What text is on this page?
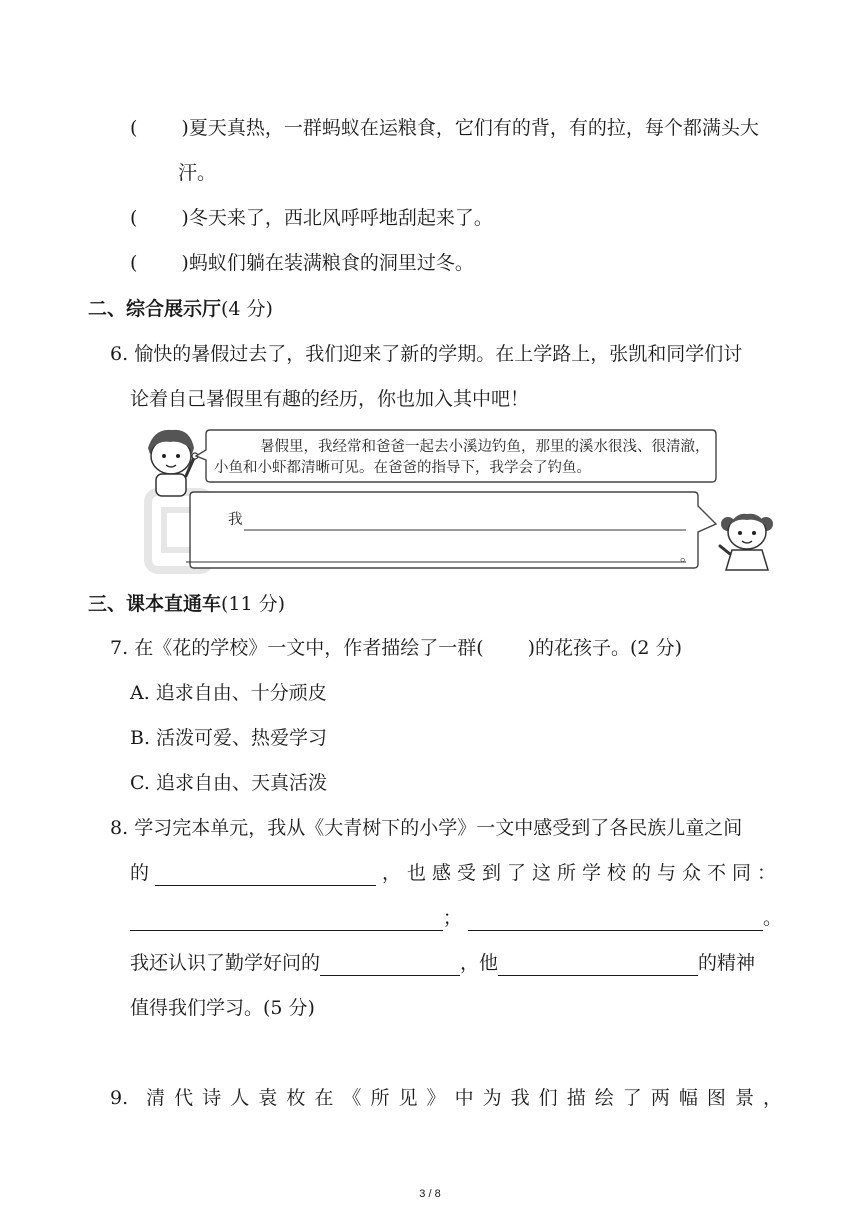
( )夏天真热，一群蚂蚁在运粮食，它们有的背，有的拉，每个都满头大
汗。
( )冬天来了，西北风呼呼地刮起来了。
( )蚂蚁们躺在装满粮食的洞里过冬。
二、综合展示厅(4 分)
6. 愉快的暑假过去了，我们迎来了新的学期。在上学路上，张凯和同学们讨
论着自己暑假里有趣的经历，你也加入其中吧！
暑假里，我经常和爸爸一起去小溪边钓鱼，那里的溪水很浅、很清澈，
小鱼和小虾都清晰可见。在爸爸的指导下，我学会了钓鱼。
我
。
三、课本直通车(11 分)
7. 在《花的学校》一文中，作者描绘了一群( )的花孩子。(2 分)
A. 追求自由、十分顽皮
B. 活泼可爱、热爱学习
C. 追求自由、天真活泼
8. 学习完本单元，我从《大青树下的小学》一文中感受到了各民族儿童之间
的	，也感受到了这所学校的与众不同：
；	。
我还认识了勤学好问的	，他	的精神
值得我们学习。(5 分)
9. 清代诗人袁枚在《所见》中为我们描绘了两幅图景，
3 / 8
